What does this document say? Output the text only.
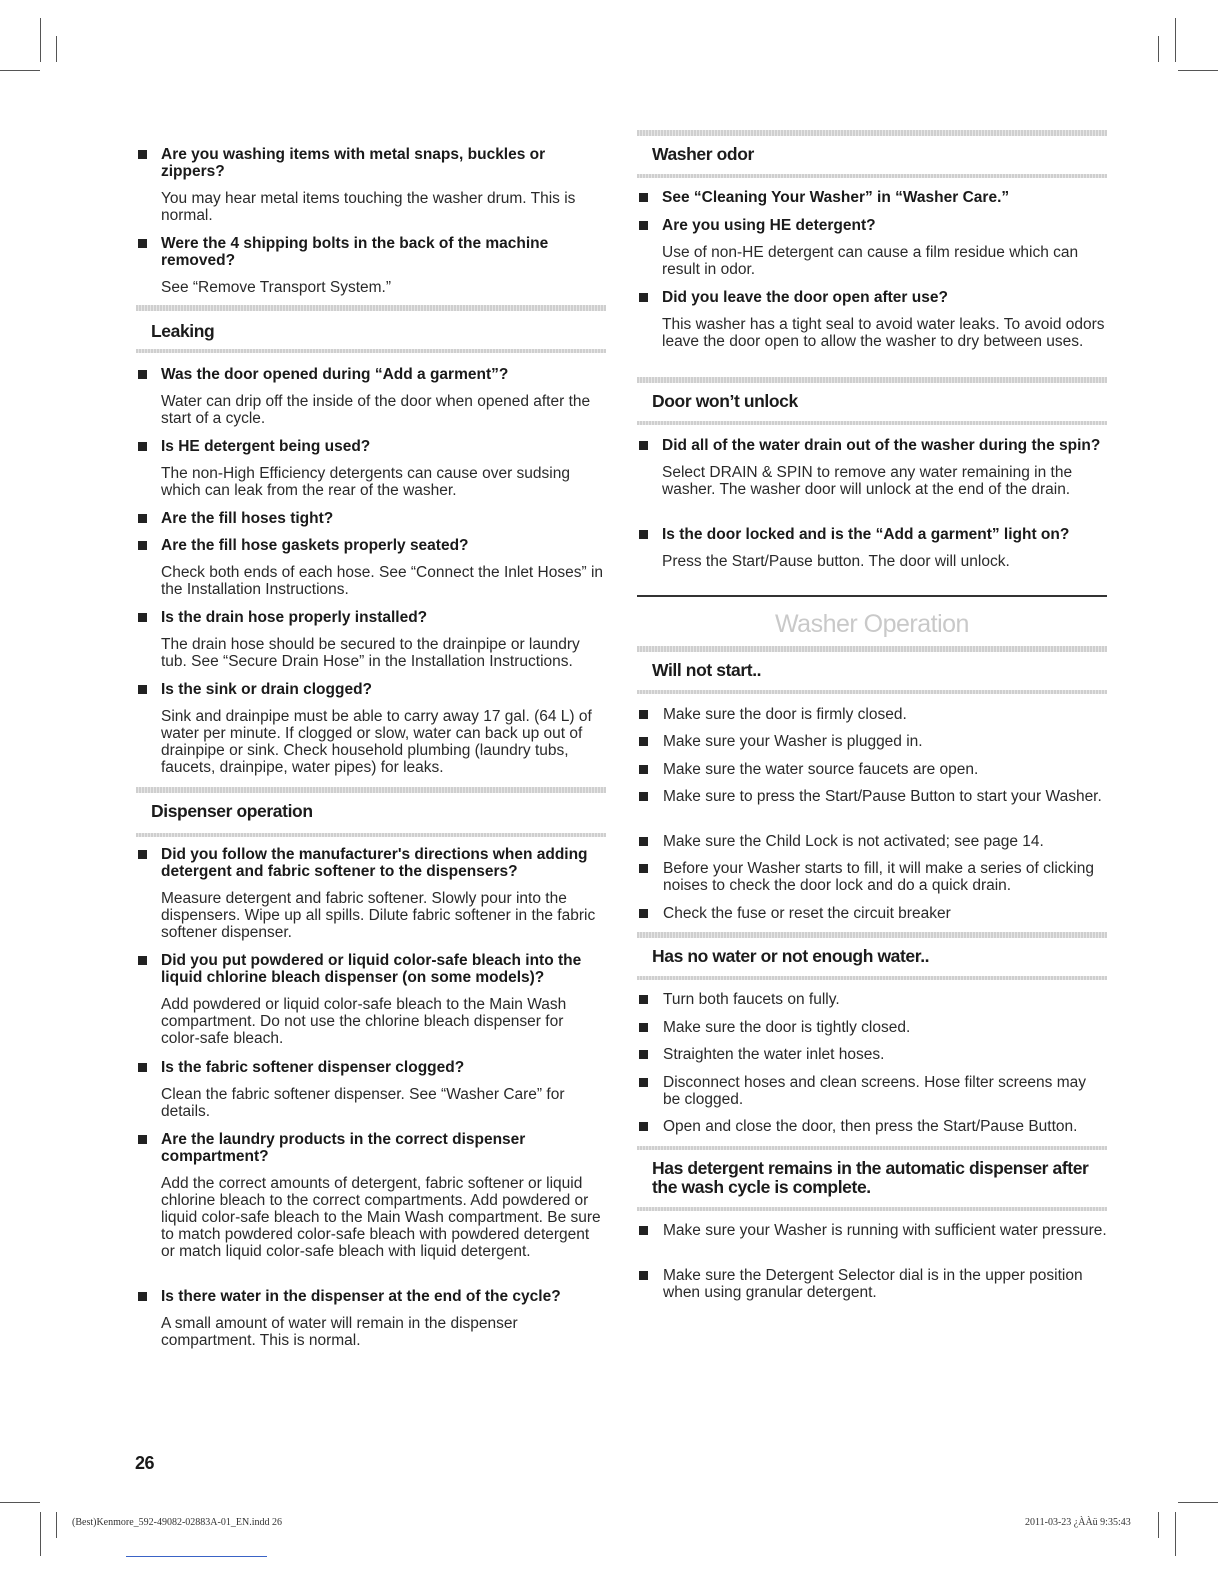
Are you washing items with metal snaps, buckles or zippers?
You may hear metal items touching the washer drum. This is normal.
Were the 4 shipping bolts in the back of the machine removed?
See “Remove Transport System.”
Leaking
Was the door opened during “Add a garment”?
Water can drip off the inside of the door when opened after the start of a cycle.
Is HE detergent being used?
The non-High Efficiency detergents can cause over sudsing which can leak from the rear of the washer.
Are the fill hoses tight?
Are the fill hose gaskets properly seated?
Check both ends of each hose. See “Connect the Inlet Hoses” in the Installation Instructions.
Is the drain hose properly installed?
The drain hose should be secured to the drainpipe or laundry tub. See “Secure Drain Hose” in the Installation Instructions.
Is the sink or drain clogged?
Sink and drainpipe must be able to carry away 17 gal. (64 L) of water per minute. If clogged or slow, water can back up out of drainpipe or sink. Check household plumbing (laundry tubs, faucets, drainpipe, water pipes) for leaks.
Dispenser operation
Did you follow the manufacturer's directions when adding detergent and fabric softener to the dispensers?
Measure detergent and fabric softener. Slowly pour into the dispensers. Wipe up all spills. Dilute fabric softener in the fabric softener dispenser.
Did you put powdered or liquid color-safe bleach into the liquid chlorine bleach dispenser (on some models)?
Add powdered or liquid color-safe bleach to the Main Wash compartment. Do not use the chlorine bleach dispenser for color-safe bleach.
Is the fabric softener dispenser clogged?
Clean the fabric softener dispenser. See “Washer Care” for details.
Are the laundry products in the correct dispenser compartment?
Add the correct amounts of detergent, fabric softener or liquid chlorine bleach to the correct compartments. Add powdered or liquid color-safe bleach to the Main Wash compartment. Be sure to match powdered color-safe bleach with powdered detergent or match liquid color-safe bleach with liquid detergent.
Is there water in the dispenser at the end of the cycle?
A small amount of water will remain in the dispenser compartment. This is normal.
Washer odor
See “Cleaning Your Washer” in “Washer Care.”
Are you using HE detergent?
Use of non-HE detergent can cause a film residue which can result in odor.
Did you leave the door open after use?
This washer has a tight seal to avoid water leaks. To avoid odors leave the door open to allow the washer to dry between uses.
Door won’t unlock
Did all of the water drain out of the washer during the spin?
Select DRAIN & SPIN to remove any water remaining in the washer. The washer door will unlock at the end of the drain.
Is the door locked and is the “Add a garment” light on?
Press the Start/Pause button. The door will unlock.
Washer Operation
Will not start..
Make sure the door is firmly closed.
Make sure your Washer is plugged in.
Make sure the water source faucets are open.
Make sure to press the Start/Pause Button to start your Washer.
Make sure the Child Lock is not activated; see page 14.
Before your Washer starts to fill, it will make a series of clicking noises to check the door lock and do a quick drain.
Check the fuse or reset the circuit breaker
Has no water or not enough water..
Turn both faucets on fully.
Make sure the door is tightly closed.
Straighten the water inlet hoses.
Disconnect hoses and clean screens. Hose filter screens may be clogged.
Open and close the door, then press the Start/Pause Button.
Has detergent remains in the automatic dispenser after the wash cycle is complete.
Make sure your Washer is running with sufficient water pressure.
Make sure the Detergent Selector dial is in the upper position when using granular detergent.
26
(Best)Kenmore_592-49082-02883A-01_EN.indd 26	2011-03-23 ¿ÀÀü 9:35:43
